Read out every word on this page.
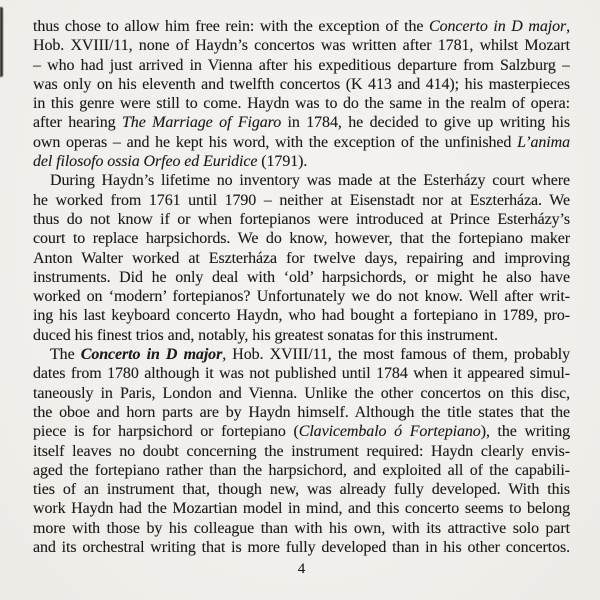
thus chose to allow him free rein: with the exception of the Concerto in D major,
Hob. XVIII/11, none of Haydn’s concertos was written after 1781, whilst Mozart
– who had just arrived in Vienna after his expeditious departure from Salzburg –
was only on his eleventh and twelfth concertos (K 413 and 414); his masterpieces
in this genre were still to come. Haydn was to do the same in the realm of opera:
after hearing The Marriage of Figaro in 1784, he decided to give up writing his
own operas – and he kept his word, with the exception of the unfinished L’anima
del filosofo ossia Orfeo ed Euridice (1791).
During Haydn’s lifetime no inventory was made at the Esterházy court where
he worked from 1761 until 1790 – neither at Eisenstadt nor at Eszterháza. We
thus do not know if or when fortepianos were introduced at Prince Esterházy’s
court to replace harpsichords. We do know, however, that the fortepiano maker
Anton Walter worked at Eszterháza for twelve days, repairing and improving
instruments. Did he only deal with ‘old’ harpsichords, or might he also have
worked on ‘modern’ fortepianos? Unfortunately we do not know. Well after writ-
ing his last keyboard concerto Haydn, who had bought a fortepiano in 1789, pro-
duced his finest trios and, notably, his greatest sonatas for this instrument.
The Concerto in D major, Hob. XVIII/11, the most famous of them, probably
dates from 1780 although it was not published until 1784 when it appeared simul-
taneously in Paris, London and Vienna. Unlike the other concertos on this disc,
the oboe and horn parts are by Haydn himself. Although the title states that the
piece is for harpsichord or fortepiano (Clavicembalo ó Fortepiano), the writing
itself leaves no doubt concerning the instrument required: Haydn clearly envis-
aged the fortepiano rather than the harpsichord, and exploited all of the capabili-
ties of an instrument that, though new, was already fully developed. With this
work Haydn had the Mozartian model in mind, and this concerto seems to belong
more with those by his colleague than with his own, with its attractive solo part
and its orchestral writing that is more fully developed than in his other concertos.
4
